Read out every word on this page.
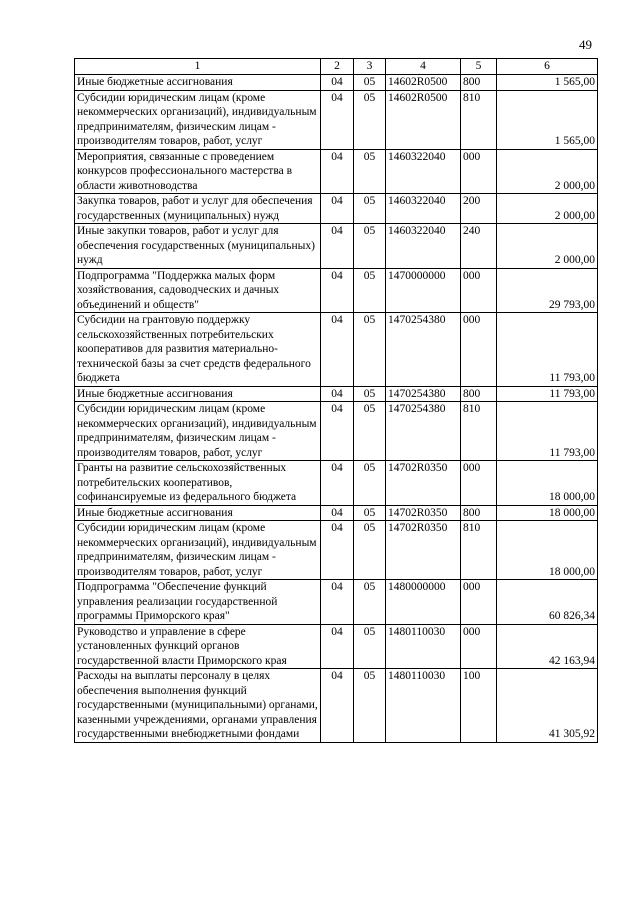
49
1	2	3	4	5	6
Иные бюджетные ассигнования	04	05	14602R0500	800	1 565,00
Субсидии юридическим лицам (кроме некоммерческих организаций), индивидуальным предпринимателям, физическим лицам - производителям товаров, работ, услуг	04	05	14602R0500	810	1 565,00
Мероприятия, связанные с проведением конкурсов профессионального мастерства в области животноводства	04	05	1460322040	000	2 000,00
Закупка товаров, работ и услуг для обеспечения государственных (муниципальных) нужд	04	05	1460322040	200	2 000,00
Иные закупки товаров, работ и услуг для обеспечения государственных (муниципальных) нужд	04	05	1460322040	240	2 000,00
Подпрограмма "Поддержка малых форм хозяйствования, садоводческих и дачных объединений и обществ"	04	05	1470000000	000	29 793,00
Субсидии на грантовую поддержку сельскохозяйственных потребительских кооперативов для развития материально-технической базы за счет средств федерального бюджета	04	05	1470254380	000	11 793,00
Иные бюджетные ассигнования	04	05	1470254380	800	11 793,00
Субсидии юридическим лицам (кроме некоммерческих организаций), индивидуальным предпринимателям, физическим лицам - производителям товаров, работ, услуг	04	05	1470254380	810	11 793,00
Гранты на развитие сельскохозяйственных потребительских кооперативов, софинансируемые из федерального бюджета	04	05	14702R0350	000	18 000,00
Иные бюджетные ассигнования	04	05	14702R0350	800	18 000,00
Субсидии юридическим лицам (кроме некоммерческих организаций), индивидуальным предпринимателям, физическим лицам - производителям товаров, работ, услуг	04	05	14702R0350	810	18 000,00
Подпрограмма "Обеспечение функций управления реализации государственной программы Приморского края"	04	05	1480000000	000	60 826,34
Руководство и управление в сфере установленных функций органов государственной власти Приморского края	04	05	1480110030	000	42 163,94
Расходы на выплаты персоналу в целях обеспечения выполнения функций государственными (муниципальными) органами, казенными учреждениями, органами управления государственными внебюджетными фондами	04	05	1480110030	100	41 305,92
